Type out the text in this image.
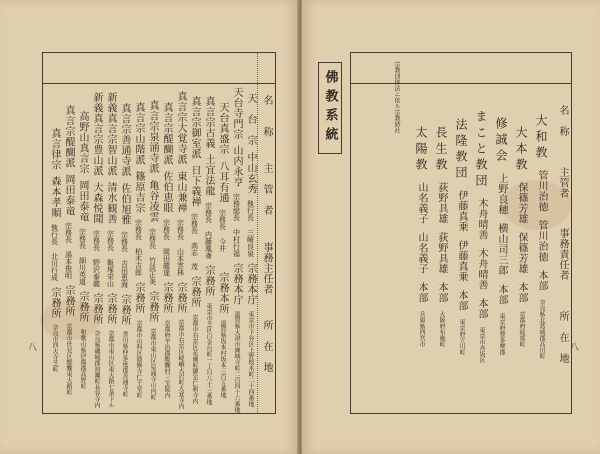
名　　称
主　管　者
事務主任者
所　在　地
天　台　宗
中山玄秀
執行長 三崎良泉
宗務本庁
東京市下谷区上野桜木町二十四番地
天台寺門宗
山内永亨
宗務総長 中村行福
宗務本庁
滋賀県大津市園城寺町二百四十六番地
天台真盛宗
八耳有通
宗務長 今井　　
宗務本所
滋賀県坂本村坂本三百五番地
真言宗古義
土宜法龍
宗務長 内藤凰斎
宗務所
東京市芝区白金台町一丁目八十三番地
真言宗御室派
日下義禅
宗務長 高志　茂
宗務所
京都市右京区花園町御室仁和寺内
真言宗大覚寺派
東山兼禅
宗務長 山本雲林
宗務所
京都市右京区嵯峨大沢町大覚寺内
真言宗醍醐派
佐伯恵眼
宗務長 岡田龍遂
宗務所
京都府宇治郡醍醐村三宝院内
真言宗泉涌寺派
亀谷凌雲
宗務長 竹淡正美
宗務所
京都市東山区泉涌寺山内町
真言宗山階派
篠原吉宗
宗務長 柏木吉郎
宗務所
京都市山科区勧修寺仁王堂町
真言宗善通寺派
佐伯旭雅
宗務長 吉田恵海
宗務所
香川県仲多度郡善通寺町
新義真言宗智山派
清水観善
宗務長 飯塚栄山
宗務所
京都市東山区東大路七条下ル
新義真言宗豊山派
大森悦聞
宗務長 野沢泰龍
宗務所
奈良県磯城郡初瀬町長谷寺内
高野山真言宗
岡田泰竜
宗務長 細川英道
宗務所
和歌山県伊都郡高野町
真言宗醍醐派
岡田泰竜
宗務長 湯本俊明
宗務所
京都市伏見区醍醐東大路町
真言律宗
森本孝順
執行長 北川行成
宗務所
奈良市西大寺芝町
八
佛教系統	名　称
主管者
事務責任者
所　在　地
大和教
管川治徳
管川治徳
本部
奈良県北葛城郡高田町
大本教
保篠芳雄
保篠芳雄
本部
京都府綾部町
修誠会
上野良穂
横山司三郎
本部
東京府豊多摩郡
まこと教団
木舟晴善
木舟晴善
本部
東京市赤坂区
法隆教団
伊藤真乗
伊藤真乗
本部
東京府立川町
長生教
荻野具雄
荻野具雄
本部
大阪府布施町
太陽教
山名義子
山名義子
本部
兵庫県西宮市
宗教団体法ニ依ル宗教結社
八
